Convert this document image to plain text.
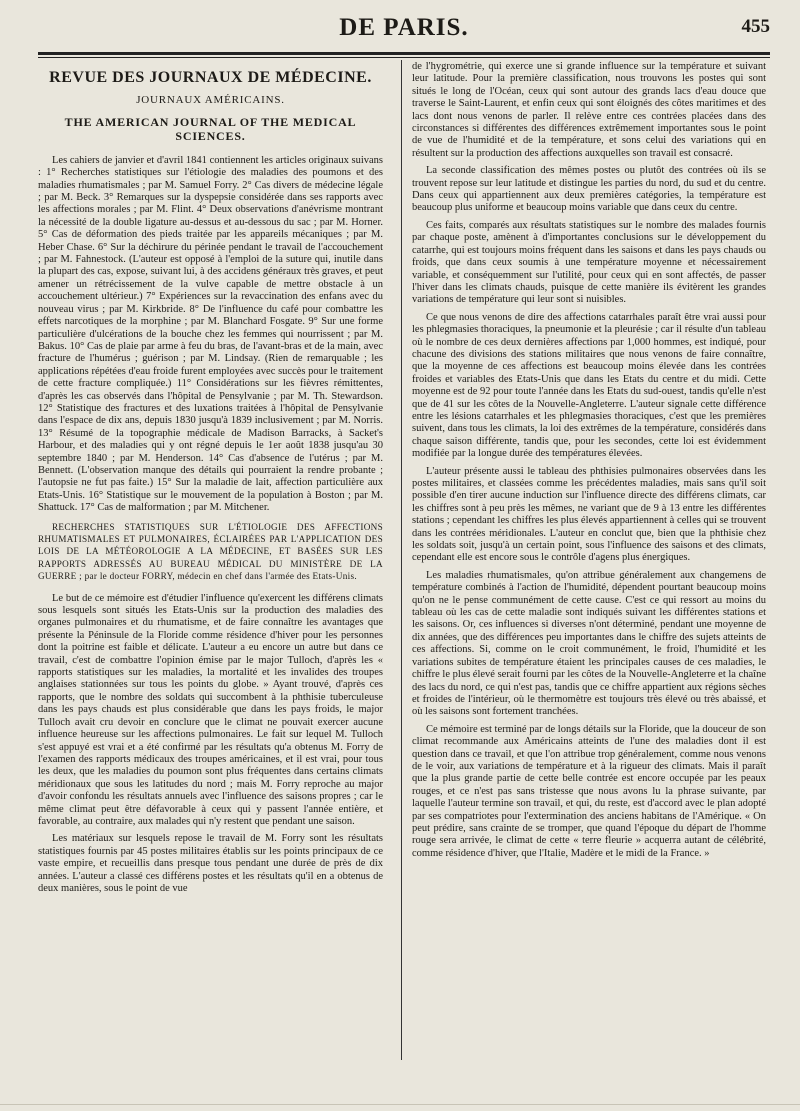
DE PARIS.	455
REVUE DES JOURNAUX DE MÉDECINE.
JOURNAUX AMÉRICAINS.
THE AMERICAN JOURNAL OF THE MEDICAL SCIENCES.

Les cahiers de janvier et d'avril 1841 contiennent les articles originaux suivans : 1° Recherches statistiques sur l'étiologie des maladies des poumons et des maladies rhumatismales ; par M. Samuel Forry. 2° Cas divers de médecine légale ; par M. Beck. 3° Remarques sur la dyspepsie considérée dans ses rapports avec les affections morales ; par M. Flint. 4° Deux observations d'anévrisme montrant la nécessité de la double ligature au-dessus et au-dessous du sac ; par M. Horner. 5° Cas de déformation des pieds traitée par les appareils mécaniques ; par M. Heber Chase. 6° Sur la déchirure du périnée pendant le travail de l'accouchement ; par M. Fahnestock. (L'auteur est opposé à l'emploi de la suture qui, inutile dans la plupart des cas, expose, suivant lui, à des accidens généraux très graves, et peut amener un rétrécissement de la vulve capable de mettre obstacle à un accouchement ultérieur.) 7° Expériences sur la revaccination des enfans avec du nouveau virus ; par M. Kirkbride. 8° De l'influence du café pour combattre les effets narcotiques de la morphine ; par M. Blanchard Fosgate. 9° Sur une forme particulière d'ulcérations de la bouche chez les femmes qui nourrissent ; par M. Bakus. 10° Cas de plaie par arme à feu du bras, de l'avant-bras et de la main, avec fracture de l'humérus ; guérison ; par M. Lindsay. (Rien de remarquable ; les applications répétées d'eau froide furent employées avec succès pour le traitement de cette fracture compliquée.) 11° Considérations sur les fièvres rémittentes, d'après les cas observés dans l'hôpital de Pensylvanie ; par M. Th. Stewardson. 12° Statistique des fractures et des luxations traitées à l'hôpital de Pensylvanie dans l'espace de dix ans, depuis 1830 jusqu'à 1839 inclusivement ; par M. Norris. 13° Résumé de la topographie médicale de Madison Barracks, à Sacket's Harbour, et des maladies qui y ont régné depuis le 1er août 1838 jusqu'au 30 septembre 1840 ; par M. Henderson. 14° Cas d'absence de l'utérus ; par M. Bennett. (L'observation manque des détails qui pourraient la rendre probante ; l'autopsie ne fut pas faite.) 15° Sur la maladie de lait, affection particulière aux Etats-Unis. 16° Statistique sur le mouvement de la population à Boston ; par M. Shattuck. 17° Cas de malformation ; par M. Mitchener.

RECHERCHES STATISTIQUES SUR L'ÉTIOLOGIE DES AFFECTIONS RHUMATISMALES ET PULMONAIRES, ÉCLAIRÉES PAR L'APPLICATION DES LOIS DE LA MÉTÉOROLOGIE A LA MÉDECINE, ET BASÉES SUR LES RAPPORTS ADRESSÉS AU BUREAU MÉDICAL DU MINISTÈRE DE LA GUERRE ; par le docteur FORRY, médecin en chef dans l'armée des Etats-Unis.

Le but de ce mémoire est d'étudier l'influence qu'exercent les différens climats sous lesquels sont situés les Etats-Unis sur la production des maladies des organes pulmonaires et du rhumatisme, et de faire connaître les avantages que présente la Péninsule de la Floride comme résidence d'hiver pour les personnes dont la poitrine est faible et délicate. L'auteur a eu encore un autre but dans ce travail, c'est de combattre l'opinion émise par le major Tulloch, d'après les « rapports statistiques sur les maladies, la mortalité et les invalides des troupes anglaises stationnées sur tous les points du globe. » Ayant trouvé, d'après ces rapports, que le nombre des soldats qui succombent à la phthisie tuberculeuse dans les pays chauds est plus considérable que dans les pays froids, le major Tulloch avait cru devoir en conclure que le climat ne pouvait exercer aucune influence heureuse sur les affections pulmonaires. Le fait sur lequel M. Tulloch s'est appuyé est vrai et a été confirmé par les résultats qu'a obtenus M. Forry de l'examen des rapports médicaux des troupes américaines, et il est vrai, pour tous les deux, que les maladies du poumon sont plus fréquentes dans certains climats méridionaux que sous les latitudes du nord ; mais M. Forry reproche au major d'avoir confondu les résultats annuels avec l'influence des saisons propres ; car le même climat peut être défavorable à ceux qui y passent l'année entière, et favorable, au contraire, aux malades qui n'y restent que pendant une saison.

Les matériaux sur lesquels repose le travail de M. Forry sont les résultats statistiques fournis par 45 postes militaires établis sur les points principaux de ce vaste empire, et recueillis dans presque tous pendant une durée de près de dix années. L'auteur a classé ces différens postes et les résultats qu'il en a obtenus de deux manières, sous le point de vue

de l'hygrométrie, qui exerce une si grande influence sur la température et suivant leur latitude. Pour la première classification, nous trouvons les postes qui sont situés le long de l'Océan, ceux qui sont autour des grands lacs d'eau douce que traverse le Saint-Laurent, et enfin ceux qui sont éloignés des côtes maritimes et des lacs dont nous venons de parler. Il relève entre ces contrées placées dans des circonstances si différentes des différences extrêmement importantes sous le point de vue de l'humidité et de la température, et sons celui des variations qui en résultent sur la production des affections auxquelles son travail est consacré.

La seconde classification des mêmes postes ou plutôt des contrées où ils se trouvent repose sur leur latitude et distingue les parties du nord, du sud et du centre. Dans ceux qui appartiennent aux deux premières catégories, la température est beaucoup plus uniforme et beaucoup moins variable que dans ceux du centre.

Ces faits, comparés aux résultats statistiques sur le nombre des malades fournis par chaque poste, amènent à d'importantes conclusions sur le développement du catarrhe, qui est toujours moins fréquent dans les saisons et dans les pays chauds ou froids, que dans ceux soumis à une température moyenne et nécessairement variable, et conséquemment sur l'utilité, pour ceux qui en sont affectés, de passer l'hiver dans les climats chauds, puisque de cette manière ils évitèrent les grandes variations de température qui leur sont si nuisibles.

Ce que nous venons de dire des affections catarrhales paraît être vrai aussi pour les phlegmasies thoraciques, la pneumonie et la pleurésie ; car il résulte d'un tableau où le nombre de ces deux dernières affections par 1,000 hommes, est indiqué, pour chacune des divisions des stations militaires que nous venons de faire connaître, que la moyenne de ces affections est beaucoup moins élevée dans les contrées froides et variables des Etats-Unis que dans les Etats du centre et du midi. Cette moyenne est de 92 pour toute l'année dans les Etats du sud-ouest, tandis qu'elle n'est que de 41 sur les côtes de la Nouvelle-Angleterre. L'auteur signale cette différence entre les lésions catarrhales et les phlegmasies thoraciques, c'est que les premières suivent, dans tous les climats, la loi des extrêmes de la température, considérés dans chaque saison différente, tandis que, pour les secondes, cette loi est évidemment modifiée par la longue durée des températures élevées.

L'auteur présente aussi le tableau des phthisies pulmonaires observées dans les postes militaires, et classées comme les précédentes maladies, mais sans qu'il soit possible d'en tirer aucune induction sur l'influence directe des différens climats, car les chiffres sont à peu près les mêmes, ne variant que de 9 à 13 entre les différentes stations ; cependant les chiffres les plus élevés appartiennent à celles qui se trouvent dans les contrées méridionales. L'auteur en conclut que, bien que la phthisie chez les soldats soit, jusqu'à un certain point, sous l'influence des saisons et des climats, cependant elle est encore sous le contrôle d'agens plus énergiques.

Les maladies rhumatismales, qu'on attribue généralement aux changemens de température combinés à l'action de l'humidité, dépendent pourtant beaucoup moins qu'on ne le pense communément de cette cause. C'est ce qui ressort au moins du tableau où les cas de cette maladie sont indiqués suivant les différentes stations et les saisons. Or, ces influences si diverses n'ont déterminé, pendant une moyenne de dix années, que des différences peu importantes dans le chiffre des sujets atteints de ces affections. Si, comme on le croit communément, le froid, l'humidité et les variations subites de température étaient les principales causes de ces maladies, le chiffre le plus élevé serait fourni par les côtes de la Nouvelle-Angleterre et la chaîne des lacs du nord, ce qui n'est pas, tandis que ce chiffre appartient aux régions sèches et froides de l'intérieur, où le thermomètre est toujours très élevé ou très abaissé, et où les saisons sont fortement tranchées.

Ce mémoire est terminé par de longs détails sur la Floride, que la douceur de son climat recommande aux Américains atteints de l'une des maladies dont il est question dans ce travail, et que l'on attribue trop généralement, comme nous venons de le voir, aux variations de température et à la rigueur des climats. Mais il paraît que la plus grande partie de cette belle contrée est encore occupée par les peaux rouges, et ce n'est pas sans tristesse que nous avons lu la phrase suivante, par laquelle l'auteur termine son travail, et qui, du reste, est d'accord avec le plan adopté par ses compatriotes pour l'extermination des anciens habitans de l'Amérique. « On peut prédire, sans crainte de se tromper, que quand l'époque du départ de l'homme rouge sera arrivée, le climat de cette « terre fleurie » acquerra autant de célébrité, comme résidence d'hiver, que l'Italie, Madère et le midi de la France. »
